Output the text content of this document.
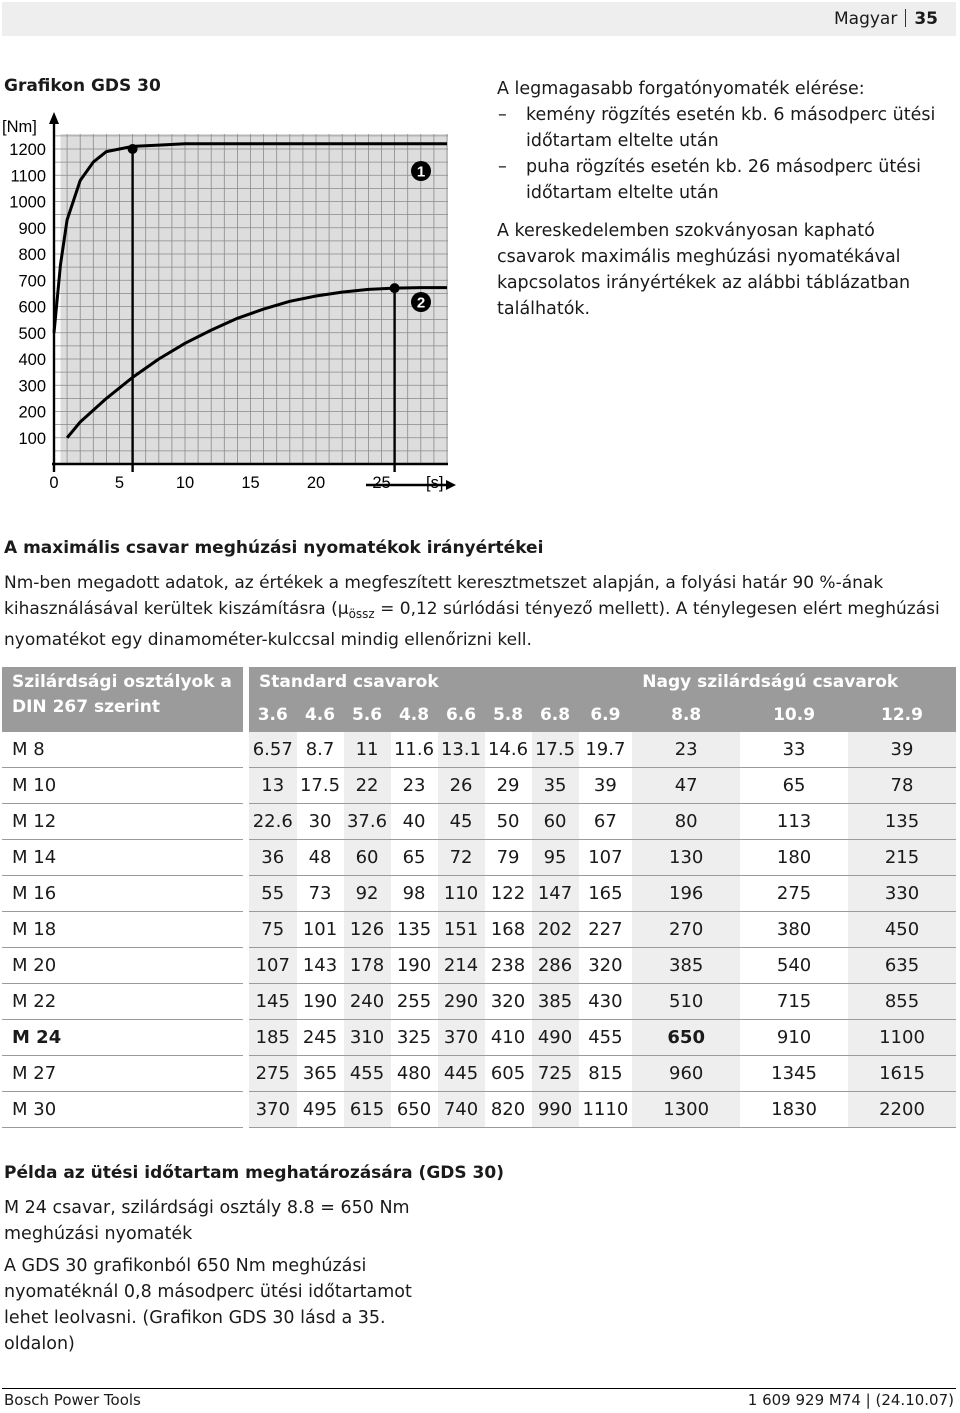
Magyar 35
Grafikon GDS 30
1200
1100
1000
900
800
700
600
500
400
300
200
100
0	5	10	15	20	25
[Nm]
[s]
1
2

A legmagasabb forgatónyomaték elérése:

– kemény rögzítés esetén kb. 6 másodperc ütési időtartam eltelte után

– puha rögzítés esetén kb. 26 másodperc ütési időtartam eltelte után

A kereskedelemben szokványosan kapható csavarok maximális meghúzási nyomatékával kapcsolatos irányértékek az alábbi táblázatban találhatók.

A maximális csavar meghúzási nyomatékok irányértékei
Nm-ben megadott adatok, az értékek a megfeszített keresztmetszet alapján, a folyási határ 90 %-ának kihasználásával kerültek kiszámításra ($\mu_{össz} = 0,12$ súrlódási tényező mellett). A ténylegesen elért meghúzási nyomatékot egy dinamométer-kulccsal mindig ellenőrizni kell.
Szilárdsági osztályok a DIN 267 szerint	Standard csavarok								Nagy szilárdságú csavarok		
	3.6	4.6	5.6	4.8	6.6	5.8	6.8	6.9	8.8	10.9	12.9
M 8	6.57	8.7	11	11.6	13.1	14.6	17.5	19.7	23	33	39
M 10	13	17.5	22	23	26	29	35	39	47	65	78
M 12	22.6	30	37.6	40	45	50	60	67	80	113	135
M 14	36	48	60	65	72	79	95	107	130	180	215
M 16	55	73	92	98	110	122	147	165	196	275	330
M 18	75	101	126	135	151	168	202	227	270	380	450
M 20	107	143	178	190	214	238	286	320	385	540	635
M 22	145	190	240	255	290	320	385	430	510	715	855
M 24	185	245	310	325	370	410	490	455	650	910	1100
M 27	275	365	455	480	445	605	725	815	960	1345	1615
M 30	370	495	615	650	740	820	990	1110	1300	1830	2200
Példa az ütési időtartam meghatározására (GDS 30)

M 24 csavar, szilárdsági osztály 8.8 = 650 Nm meghúzási nyomaték

A GDS 30 grafikonból 650 Nm meghúzási nyomatéknál 0,8 másodperc ütési időtartamot lehet leolvasni. (Grafikon GDS 30 lásd a 35. oldalon)

Bosch Power Tools	1 609 929 M74 | (24.10.07)
